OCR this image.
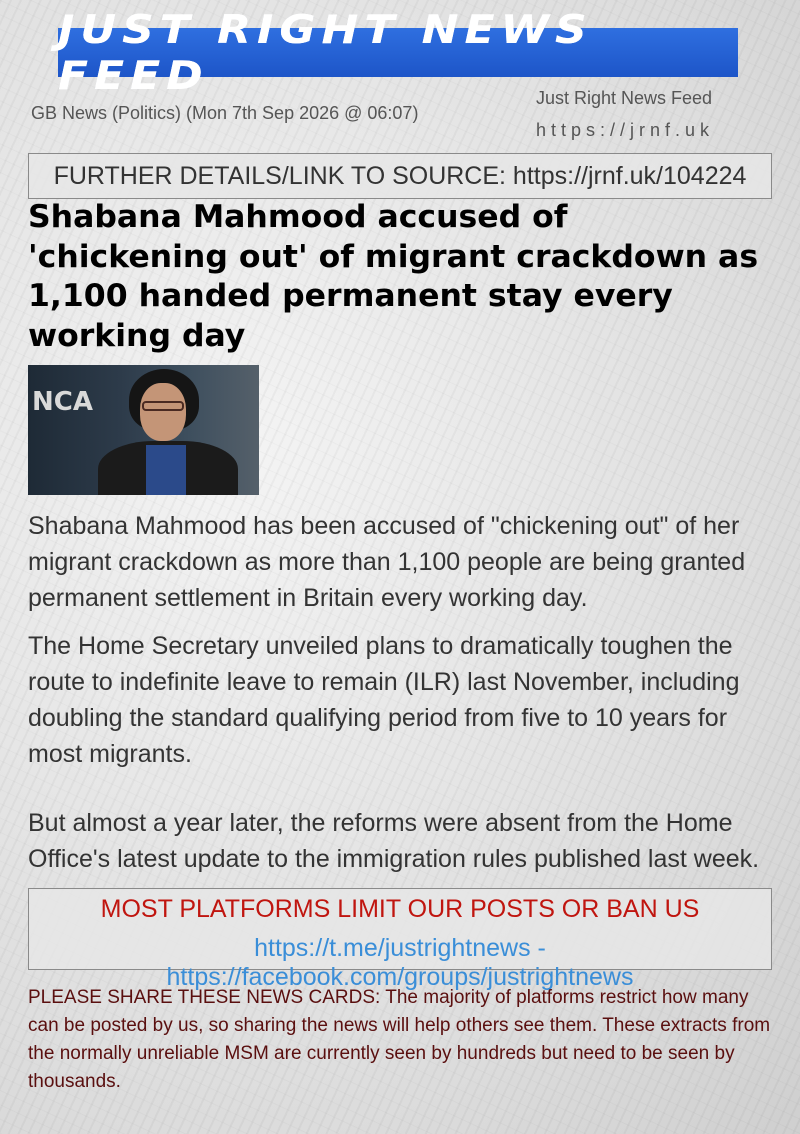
JUST RIGHT NEWS FEED
GB News (Politics) (Mon 7th Sep 2026 @ 06:07)
Just Right News Feed
https://jrnf.uk
FURTHER DETAILS/LINK TO SOURCE: https://jrnf.uk/104224
Shabana Mahmood accused of 'chickening out' of migrant crackdown as 1,100 handed permanent stay every working day
NCA

Shabana Mahmood has been accused of "chickening out" of her migrant crackdown as more than 1,100 people are being granted permanent settlement in Britain every working day.

The Home Secretary unveiled plans to dramatically toughen the route to indefinite leave to remain (ILR) last November, including doubling the standard qualifying period from five to 10 years for most migrants.

But almost a year later, the reforms were absent from the Home Office's latest update to the immigration rules published last week.

MOST PLATFORMS LIMIT OUR POSTS OR BAN US
https://t.me/justrightnews - https://facebook.com/groups/justrightnews

PLEASE SHARE THESE NEWS CARDS: The majority of platforms restrict how many can be posted by us, so sharing the news will help others see them. These extracts from the normally unreliable MSM are currently seen by hundreds but need to be seen by thousands.
